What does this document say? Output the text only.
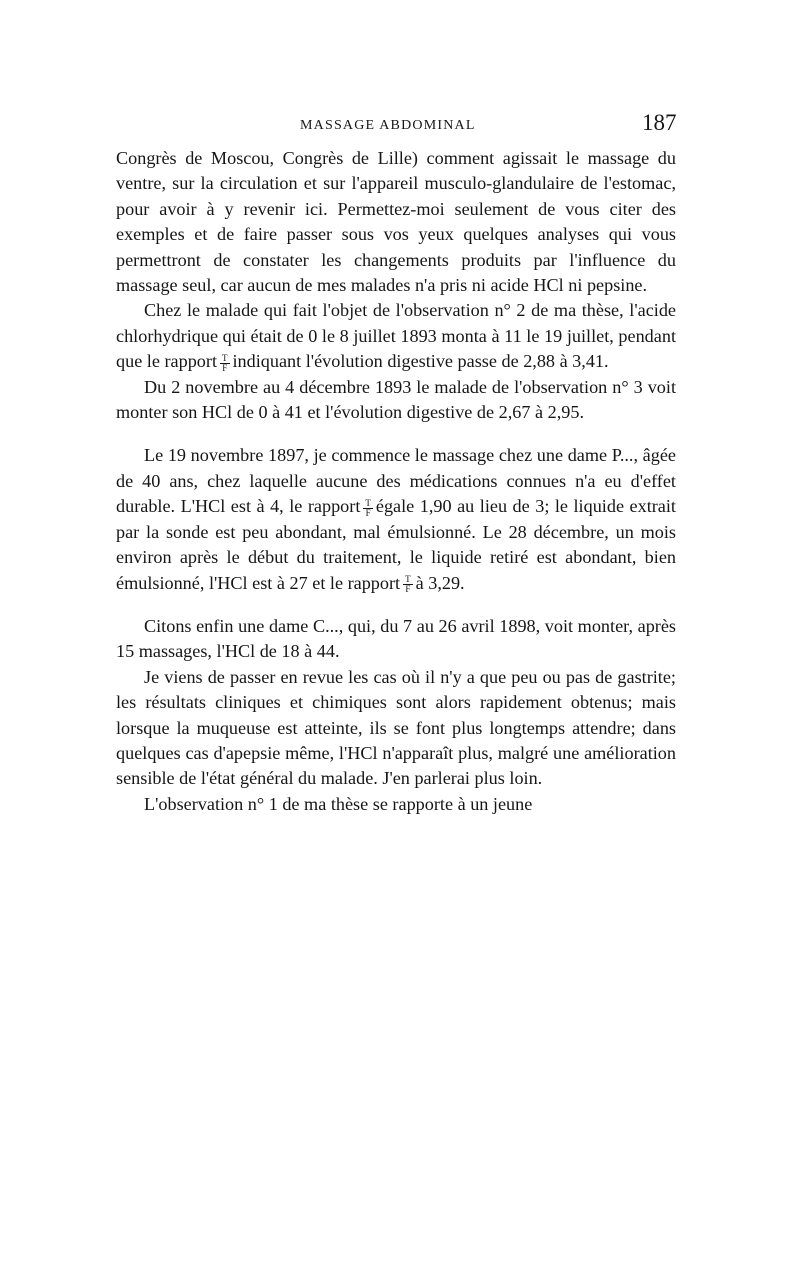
MASSAGE ABDOMINAL	187

Congrès de Moscou, Congrès de Lille) comment agissait le massage du ventre, sur la circulation et sur l'appareil musculo-glandulaire de l'estomac, pour avoir à y revenir ici. Permettez-moi seulement de vous citer des exemples et de faire passer sous vos yeux quelques analyses qui vous permettront de constater les changements produits par l'influence du massage seul, car aucun de mes malades n'a pris ni acide HCl ni pepsine.

Chez le malade qui fait l'objet de l'observation n° 2 de ma thèse, l'acide chlorhydrique qui était de 0 le 8 juillet 1893 monta à 11 le 19 juillet, pendant que le rapport $\frac{T}{F}$ indiquant l'évolution digestive passe de 2,88 à 3,41.

Du 2 novembre au 4 décembre 1893 le malade de l'observation n° 3 voit monter son HCl de 0 à 41 et l'évolution digestive de 2,67 à 2,95.

Le 19 novembre 1897, je commence le massage chez une dame P..., âgée de 40 ans, chez laquelle aucune des médications connues n'a eu d'effet durable. L'HCl est à 4, le rapport $\frac{T}{F}$ égale 1,90 au lieu de 3; le liquide extrait par la sonde est peu abondant, mal émulsionné. Le 28 décembre, un mois environ après le début du traitement, le liquide retiré est abondant, bien émulsionné, l'HCl est à 27 et le rapport $\frac{T}{F}$ à 3,29.

Citons enfin une dame C..., qui, du 7 au 26 avril 1898, voit monter, après 15 massages, l'HCl de 18 à 44.

Je viens de passer en revue les cas où il n'y a que peu ou pas de gastrite; les résultats cliniques et chimiques sont alors rapidement obtenus; mais lorsque la muqueuse est atteinte, ils se font plus longtemps attendre; dans quelques cas d'apepsie même, l'HCl n'apparaît plus, malgré une amélioration sensible de l'état général du malade. J'en parlerai plus loin.

L'observation n° 1 de ma thèse se rapporte à un jeune
